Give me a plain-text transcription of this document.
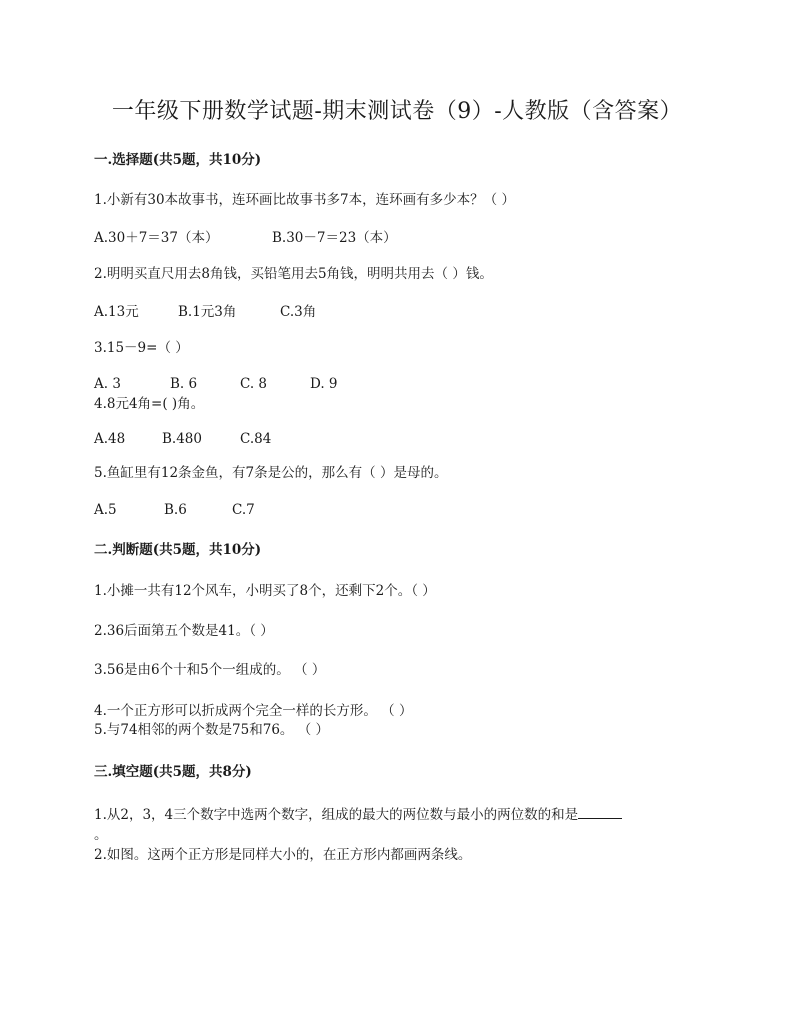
一年级下册数学试题-期末测试卷（9）-人教版（含答案）
一.选择题(共5题，共10分)
1.小新有30本故事书，连环画比故事书多7本，连环画有多少本？（ ）
A.30＋7＝37（本）	B.30－7＝23（本）
2.明明买直尺用去8角钱，买铅笔用去5角钱，明明共用去（ ）钱。
A.13元	B.1元3角	C.3角
3.15－9=（ ）
A. 3	B. 6	C. 8	D. 9
4.8元4角=( )角。
A.48	B.480	C.84
5.鱼缸里有12条金鱼，有7条是公的，那么有（ ）是母的。
A.5	B.6	C.7
二.判断题(共5题，共10分)
1.小摊一共有12个风车，小明买了8个，还剩下2个。（ ）
2.36后面第五个数是41。（ ）
3.56是由6个十和5个一组成的。 （ ）
4.一个正方形可以折成两个完全一样的长方形。 （ ）
5.与74相邻的两个数是75和76。 （ ）
三.填空题(共5题，共8分)
1.从2，3，4三个数字中选两个数字，组成的最大的两位数与最小的两位数的和是
。
2.如图。这两个正方形是同样大小的，在正方形内都画两条线。
